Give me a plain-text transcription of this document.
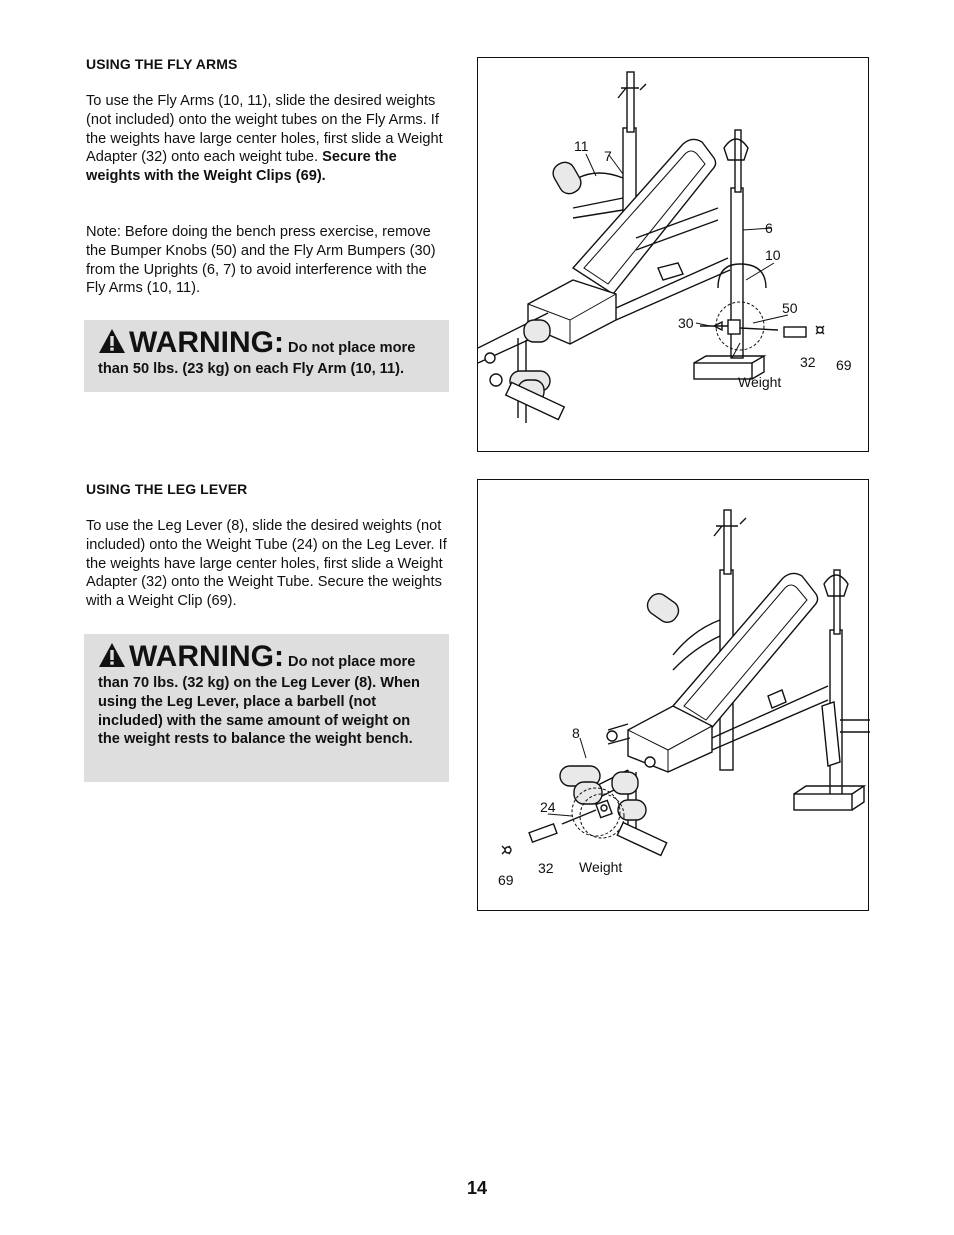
USING THE FLY ARMS

To use the Fly Arms (10, 11), slide the desired weights (not included) onto the weight tubes on the Fly Arms. If the weights have large center holes, first slide a Weight Adapter (32) onto each weight tube. Secure the weights with the Weight Clips (69).

Note: Before doing the bench press exercise, remove the Bumper Knobs (50) and the Fly Arm Bumpers (30) from the Uprights (6, 7) to avoid interference with the Fly Arms (10, 11).
WARNING: Do not place more than 50 lbs. (23 kg) on each Fly Arm (10, 11).
11
7
6
10
50
30
32 69
Weight
USING THE LEG LEVER
To use the Leg Lever (8), slide the desired weights (not included) onto the Weight Tube (24) on the Leg Lever. If the weights have large center holes, first slide a Weight Adapter (32) onto the Weight Tube. Secure the weights with a Weight Clip (69).
WARNING: Do not place more than 70 lbs. (32 kg) on the Leg Lever (8). When using the Leg Lever, place a barbell (not included) with the same amount of weight on the weight rests to balance the weight bench.	8
24
32
69
Weight
14
